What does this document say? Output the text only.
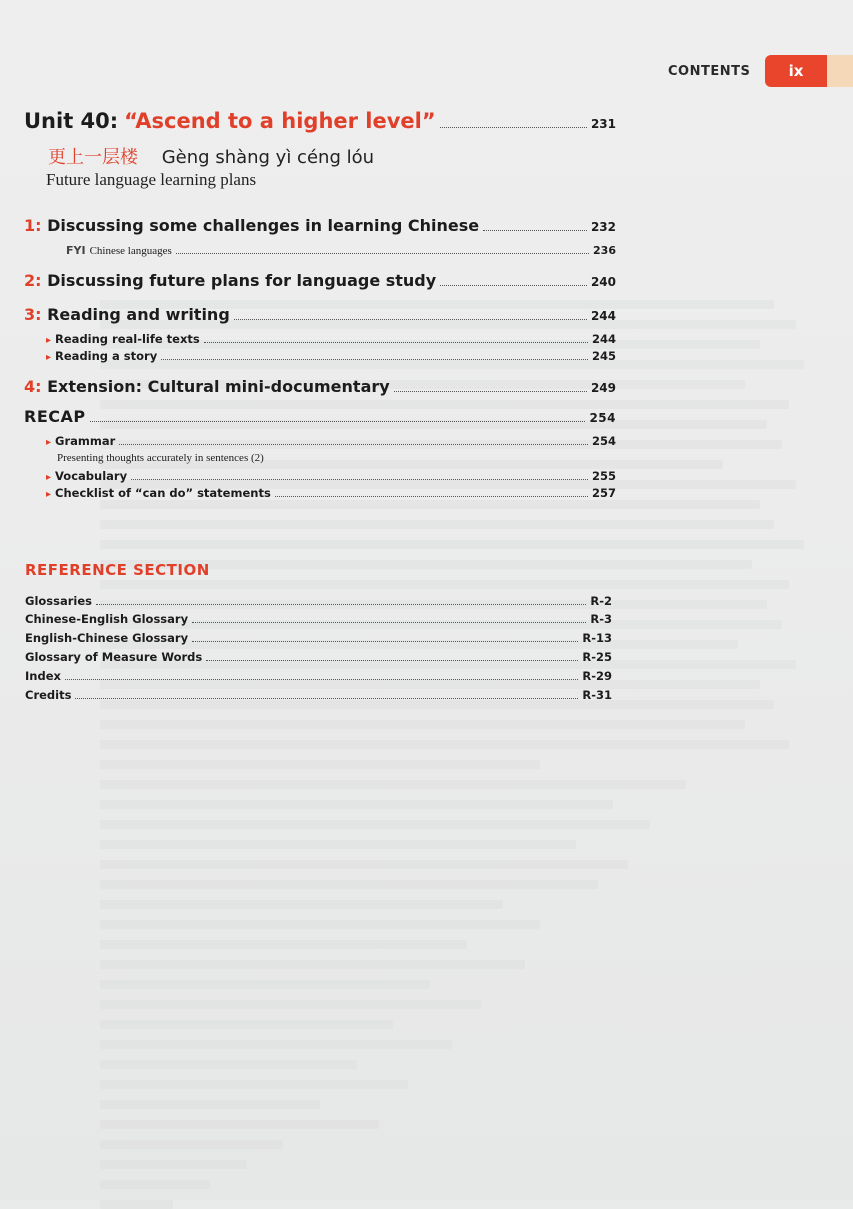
CONTENTS	ix
Unit 40: “Ascend to a higher level”	231
更上一层楼 Gèng shàng yì céng lóu
Future language learning plans
1: Discussing some challenges in learning Chinese	232
FYI Chinese languages	236
2: Discussing future plans for language study	240
3: Reading and writing	244
▸ Reading real-life texts	244
▸ Reading a story	245
4: Extension: Cultural mini-documentary	249
RECAP	254
▸ Grammar	254
Presenting thoughts accurately in sentences (2)
▸ Vocabulary	255
▸ Checklist of “can do” statements	257
REFERENCE SECTION
Glossaries	R-2
Chinese-English Glossary	R-3
English-Chinese Glossary	R-13
Glossary of Measure Words	R-25
Index	R-29
Credits	R-31
